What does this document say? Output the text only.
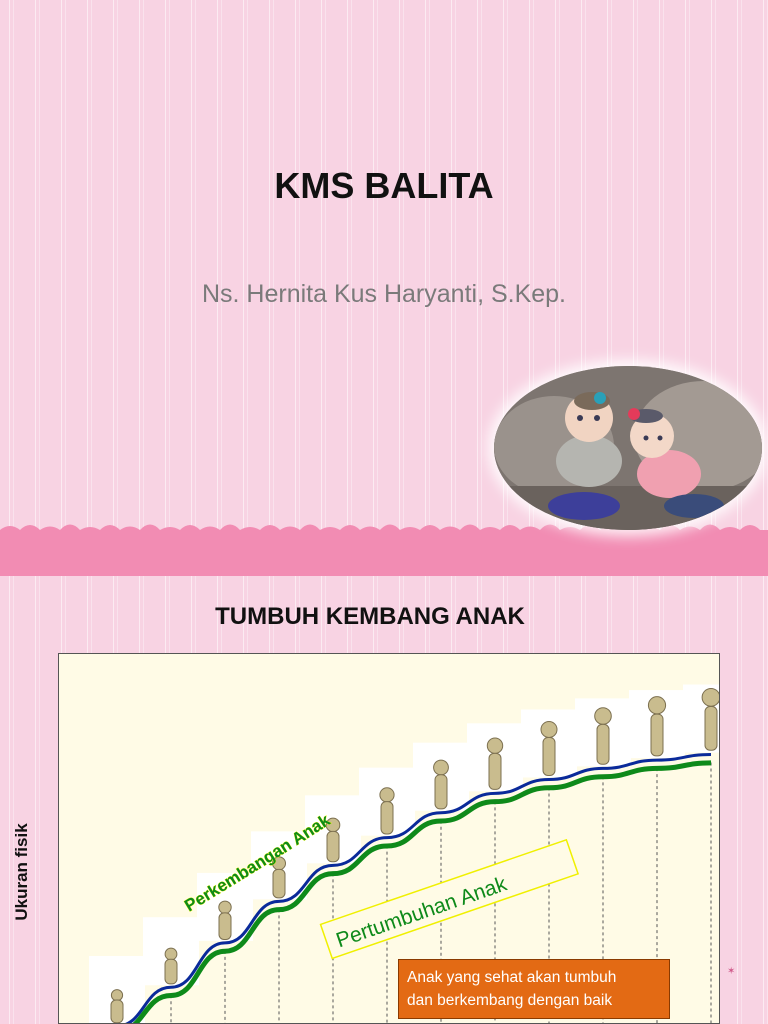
KMS BALITA
Ns. Hernita Kus Haryanti, S.Kep.
TUMBUH KEMBANG ANAK
Ukuran fisik
✶
Perkembangan Anak
Pertumbuhan Anak
Anak yang sehat akan tumbuh
dan berkembang dengan baik
